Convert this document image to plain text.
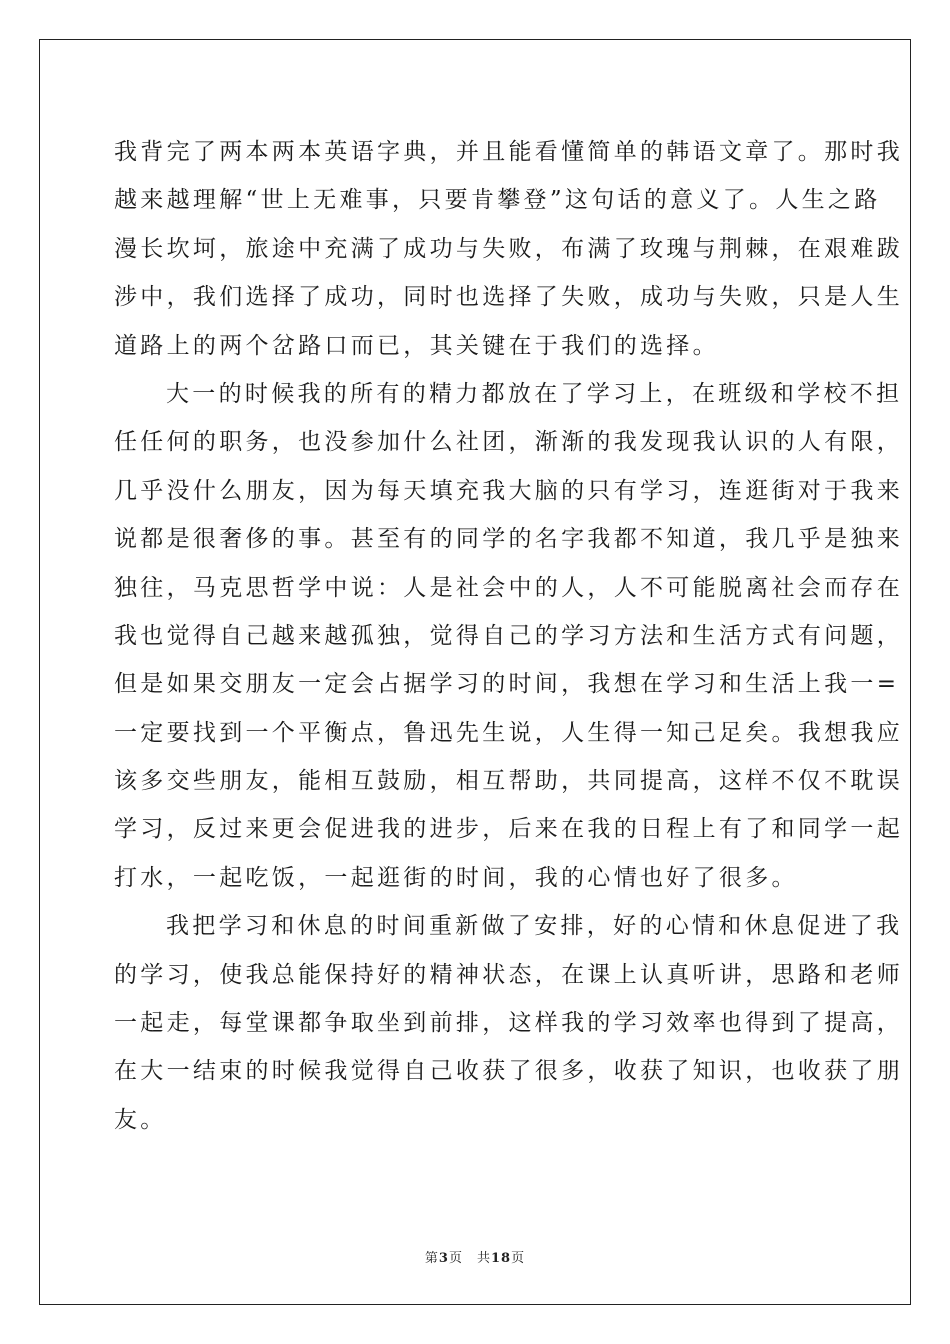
我背完了两本两本英语字典，并且能看懂简单的韩语文章了。那时我
越来越理解“世上无难事，只要肯攀登”这句话的意义了。人生之路
漫长坎坷，旅途中充满了成功与失败，布满了玫瑰与荆棘，在艰难跋
涉中，我们选择了成功，同时也选择了失败，成功与失败，只是人生
道路上的两个岔路口而已，其关键在于我们的选择。
大一的时候我的所有的精力都放在了学习上，在班级和学校不担
任任何的职务，也没参加什么社团，渐渐的我发现我认识的人有限，
几乎没什么朋友，因为每天填充我大脑的只有学习，连逛街对于我来
说都是很奢侈的事。甚至有的同学的名字我都不知道，我几乎是独来
独往，马克思哲学中说：人是社会中的人，人不可能脱离社会而存在
我也觉得自己越来越孤独，觉得自己的学习方法和生活方式有问题，
但是如果交朋友一定会占据学习的时间，我想在学习和生活上我一=
一定要找到一个平衡点，鲁迅先生说，人生得一知己足矣。我想我应
该多交些朋友，能相互鼓励，相互帮助，共同提高，这样不仅不耽误
学习，反过来更会促进我的进步，后来在我的日程上有了和同学一起
打水，一起吃饭，一起逛街的时间，我的心情也好了很多。
我把学习和休息的时间重新做了安排，好的心情和休息促进了我
的学习，使我总能保持好的精神状态，在课上认真听讲，思路和老师
一起走，每堂课都争取坐到前排，这样我的学习效率也得到了提高，
在大一结束的时候我觉得自己收获了很多，收获了知识，也收获了朋
友。
第3页 共18页
